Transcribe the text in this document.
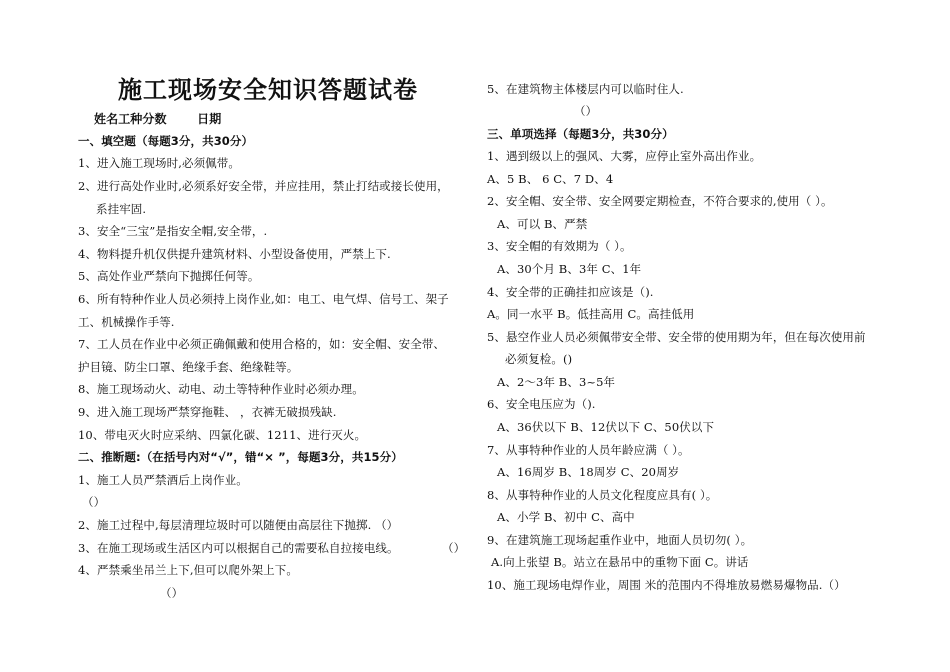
施工现场安全知识答题试卷
姓名工种分数	日期
一、填空题（每题3分，共30分）
1、进入施工现场时,必须佩带。
2、进行高处作业时,必须系好安全带，并应挂用，禁止打结或接长使用，
系挂牢固.
3、安全“三宝”是指安全帽,安全带，.
4、物料提升机仅供提升建筑材料、小型设备使用，严禁上下.
5、高处作业严禁向下抛掷任何等。
6、所有特种作业人员必须持上岗作业,如：电工、电气焊、信号工、架子
工、机械操作手等.
7、工人员在作业中必须正确佩戴和使用合格的，如：安全帽、安全带、
护目镜、防尘口罩、绝缘手套、绝缘鞋等。
8、施工现场动火、动电、动土等特种作业时必须办理。
9、进入施工现场严禁穿拖鞋、 ，衣裤无破损残缺.
10、带电灭火时应采纳、四氯化碳、1211、进行灭火。
二、推断题:（在括号内对“√”，错“× ”，每题3分，共15分）
1、施工人员严禁酒后上岗作业。
（）
2、施工过程中,每层清理垃圾时可以随便由高层往下抛掷. （）
3、在施工现场或生活区内可以根据自己的需要私自拉接电线。	（）
4、严禁乘坐吊兰上下,但可以爬外架上下。
（）
5、在建筑物主体楼层内可以临时住人.
（）
三、单项选择（每题3分，共30分）
1、遇到级以上的强风、大雾，应停止室外高出作业。
A、5 B、 6 C、7 D、4
2、安全帽、安全带、安全网要定期检查，不符合要求的,使用（ ）。
A、可以 B、严禁
3、安全帽的有效期为（ ）。
A、30个月 B、3年 C、1年
4、安全带的正确挂扣应该是（).
A。同一水平 B。低挂高用 C。高挂低用
5、悬空作业人员必须佩带安全带、安全带的使用期为年，但在每次使用前
必须复检。()
A、2～3年 B、3~5年
6、安全电压应为（).
A、36伏以下 B、12伏以下 C、50伏以下
7、从事特种作业的人员年龄应满（ ）。
A、16周岁 B、18周岁 C、20周岁
8、从事特种作业的人员文化程度应具有( ）。
A、小学 B、初中 C、高中
9、在建筑施工现场起重作业中，地面人员切勿( ）。
A.向上张望 B。站立在悬吊中的重物下面 C。讲话
10、施工现场电焊作业，周围 米的范围内不得堆放易燃易爆物品.（）
